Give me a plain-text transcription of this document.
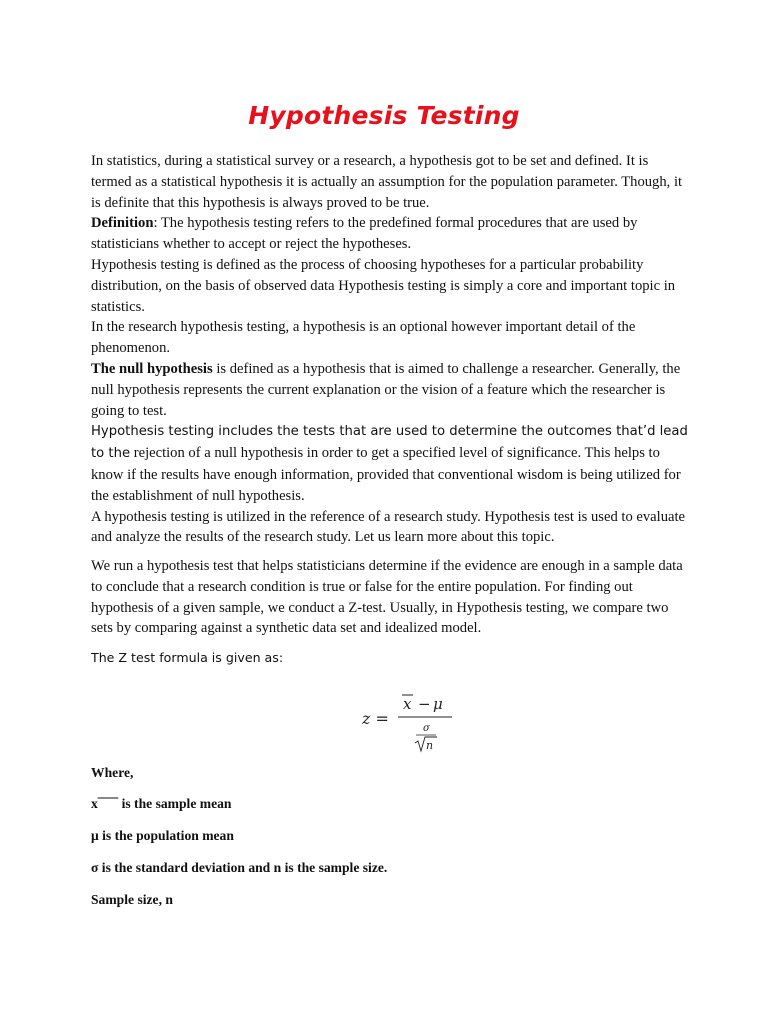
Hypothesis Testing

In statistics, during a statistical survey or a research, a hypothesis got to be set and defined. It is termed as a statistical hypothesis it is actually an assumption for the population parameter. Though, it is definite that this hypothesis is always proved to be true.

Definition: The hypothesis testing refers to the predefined formal procedures that are used by statisticians whether to accept or reject the hypotheses.

Hypothesis testing is defined as the process of choosing hypotheses for a particular probability distribution, on the basis of observed data Hypothesis testing is simply a core and important topic in statistics.

In the research hypothesis testing, a hypothesis is an optional however important detail of the phenomenon.

The null hypothesis is defined as a hypothesis that is aimed to challenge a researcher. Generally, the null hypothesis represents the current explanation or the vision of a feature which the researcher is going to test.

Hypothesis testing includes the tests that are used to determine the outcomes that’d lead to the rejection of a null hypothesis in order to get a specified level of significance. This helps to know if the results have enough information, provided that conventional wisdom is being utilized for the establishment of null hypothesis.

A hypothesis testing is utilized in the reference of a research study. Hypothesis test is used to evaluate and analyze the results of the research study. Let us learn more about this topic.

We run a hypothesis test that helps statisticians determine if the evidence are enough in a sample data to conclude that a research condition is true or false for the entire population. For finding out hypothesis of a given sample, we conduct a Z-test. Usually, in Hypothesis testing, we compare two sets by comparing against a synthetic data set and idealized model.

The Z test formula is given as:
z =
x − μ
σ
n
Where,
x¯¯¯ is the sample mean
μ is the population mean
σ is the standard deviation and n is the sample size.
Sample size, n
